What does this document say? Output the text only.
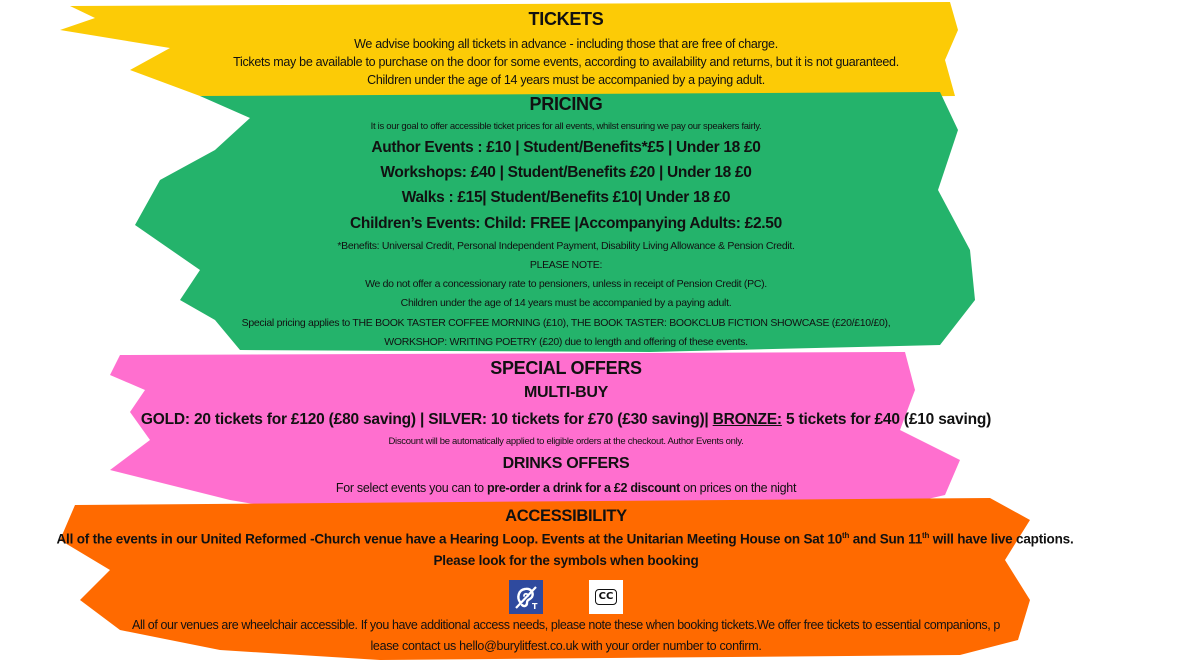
TICKETS
We advise booking all tickets in advance - including those that are free of charge.
Tickets may be available to purchase on the door for some events, according to availability and returns, but it is not guaranteed.
Children under the age of 14 years must be accompanied by a paying adult.
PRICING
It is our goal to offer accessible ticket prices for all events, whilst ensuring we pay our speakers fairly.
Author Events : £10 | Student/Benefits*£5 | Under 18 £0
Workshops: £40 | Student/Benefits £20 | Under 18 £0
Walks : £15| Student/Benefits £10| Under 18 £0
Children’s Events: Child: FREE |Accompanying Adults: £2.50
*Benefits: Universal Credit, Personal Independent Payment, Disability Living Allowance & Pension Credit.
PLEASE NOTE:
We do not offer a concessionary rate to pensioners, unless in receipt of Pension Credit (PC).
Children under the age of 14 years must be accompanied by a paying adult.
Special pricing applies to THE BOOK TASTER COFFEE MORNING (£10), THE BOOK TASTER: BOOKCLUB FICTION SHOWCASE (£20/£10/£0),
WORKSHOP: WRITING POETRY (£20) due to length and offering of these events.
SPECIAL OFFERS
MULTI-BUY
GOLD: 20 tickets for £120 (£80 saving) | SILVER: 10 tickets for £70 (£30 saving)| BRONZE: 5 tickets for £40 (£10 saving)
Discount will be automatically applied to eligible orders at the checkout. Author Events only.
DRINKS OFFERS
For select events you can to pre-order a drink for a £2 discount on prices on the night
ACCESSIBILITY
All of the events in our United Reformed -Church venue have a Hearing Loop. Events at the Unitarian Meeting House on Sat 10th and Sun 11th will have live captions.
Please look for the symbols when booking
T
CC
All of our venues are wheelchair accessible. If you have additional access needs, please note these when booking tickets.We offer free tickets to essential companions, p
lease contact us hello@burylitfest.co.uk with your order number to confirm.
